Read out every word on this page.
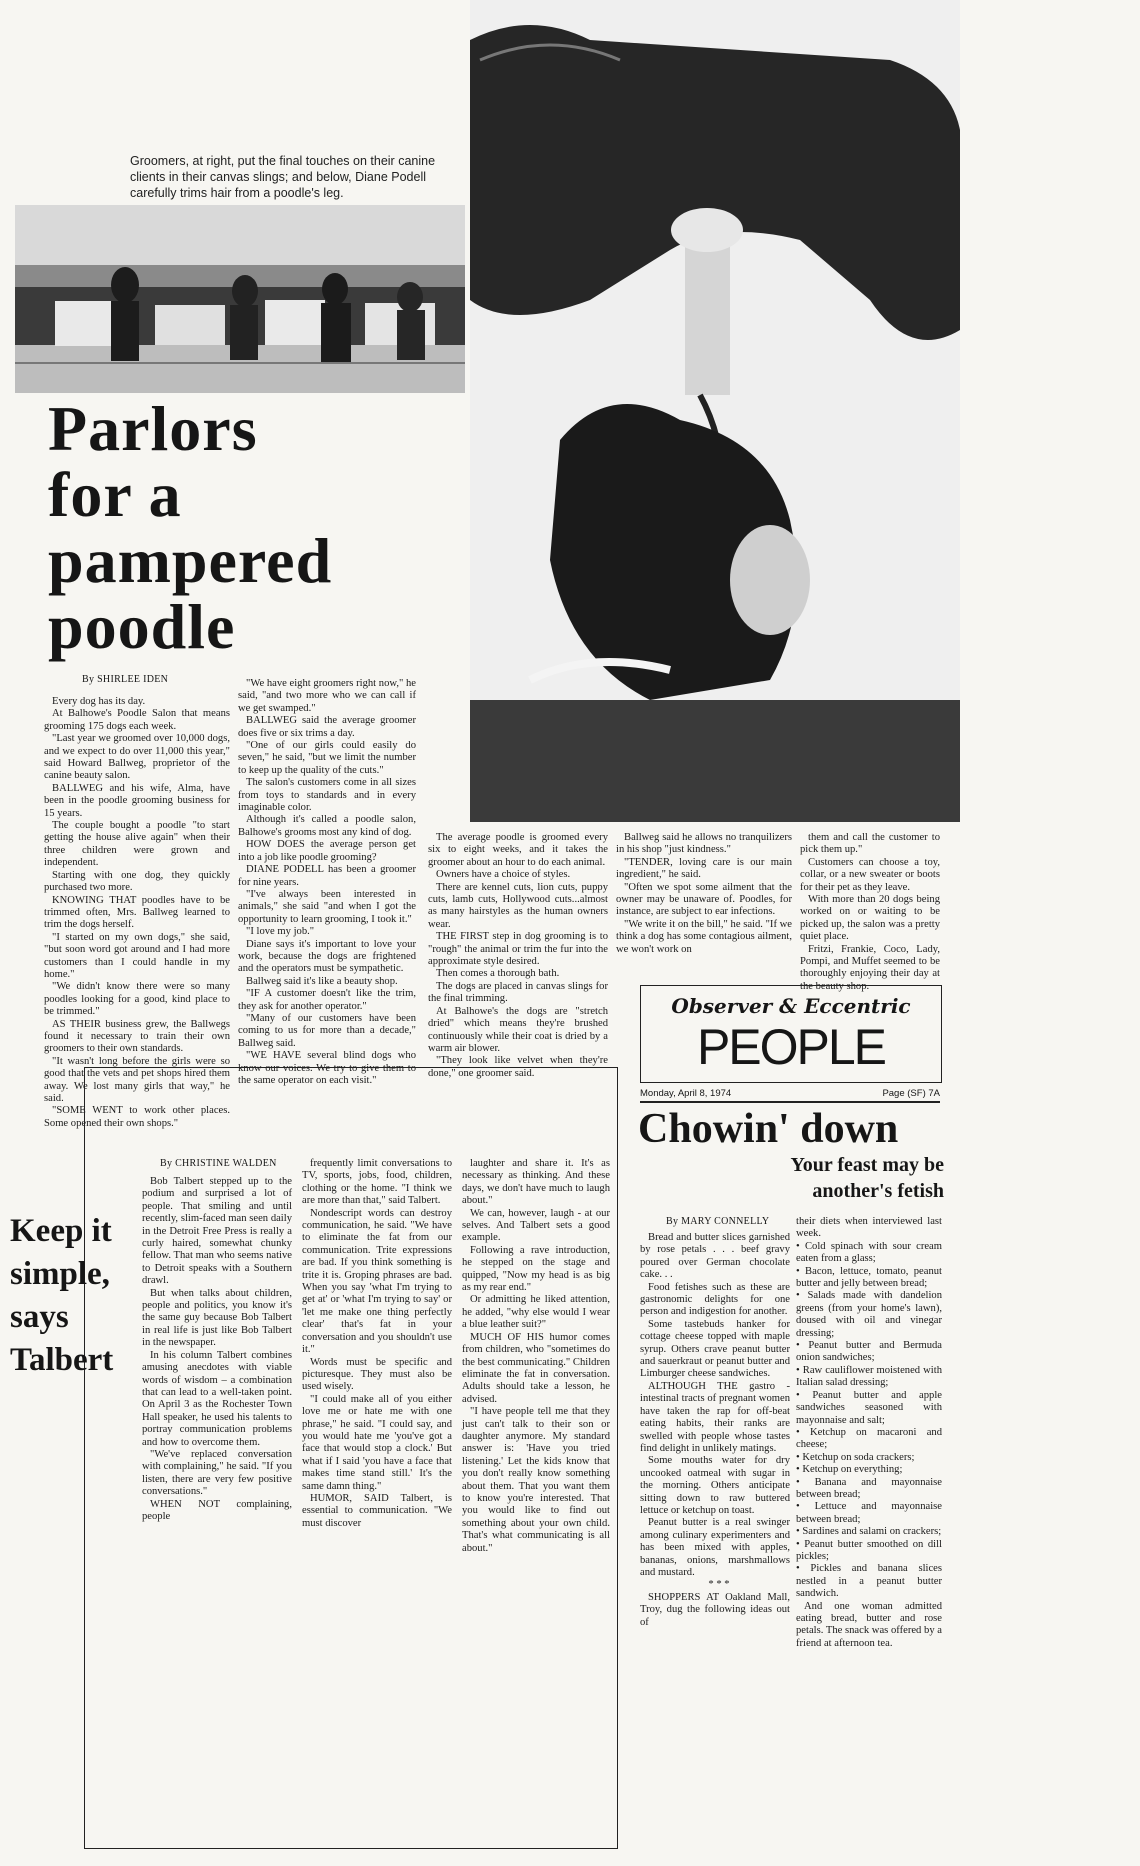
Groomers, at right, put the final touches on their canine clients in their canvas slings; and below, Diane Podell carefully trims hair from a poodle's leg.
Parlors
for a
pampered
poodle
By SHIRLEE IDEN

Every dog has its day.

At Balhowe's Poodle Salon that means grooming 175 dogs each week.

"Last year we groomed over 10,000 dogs, and we expect to do over 11,000 this year," said Howard Ballweg, proprietor of the canine beauty salon.

BALLWEG and his wife, Alma, have been in the poodle grooming business for 15 years.

The couple bought a poodle "to start getting the house alive again" when their three children were grown and independent.

Starting with one dog, they quickly purchased two more.

KNOWING THAT poodles have to be trimmed often, Mrs. Ballweg learned to trim the dogs herself.

"I started on my own dogs," she said, "but soon word got around and I had more customers than I could handle in my home."

"We didn't know there were so many poodles looking for a good, kind place to be trimmed."

AS THEIR business grew, the Ballwegs found it necessary to train their own groomers to their own standards.

"It wasn't long before the girls were so good that the vets and pet shops hired them away. We lost many girls that way," he said.

"SOME WENT to work other places. Some opened their own shops."

"We have eight groomers right now," he said, "and two more who we can call if we get swamped."

BALLWEG said the average groomer does five or six trims a day.

"One of our girls could easily do seven," he said, "but we limit the number to keep up the quality of the cuts."

The salon's customers come in all sizes from toys to standards and in every imaginable color.

Although it's called a poodle salon, Balhowe's grooms most any kind of dog.

HOW DOES the average person get into a job like poodle grooming?

DIANE PODELL has been a groomer for nine years.

"I've always been interested in animals," she said "and when I got the opportunity to learn grooming, I took it."

"I love my job."

Diane says it's important to love your work, because the dogs are frightened and the operators must be sympathetic.

Ballweg said it's like a beauty shop.

"IF A customer doesn't like the trim, they ask for another operator."

"Many of our customers have been coming to us for more than a decade," Ballweg said.

"WE HAVE several blind dogs who know our voices. We try to give them to the same operator on each visit."

The average poodle is groomed every six to eight weeks, and it takes the groomer about an hour to do each animal.

Owners have a choice of styles.

There are kennel cuts, lion cuts, puppy cuts, lamb cuts, Hollywood cuts...almost as many hairstyles as the human owners wear.

THE FIRST step in dog grooming is to "rough" the animal or trim the fur into the approximate style desired.

Then comes a thorough bath.

The dogs are placed in canvas slings for the final trimming.

At Balhowe's the dogs are "stretch dried" which means they're brushed continuously while their coat is dried by a warm air blower.

"They look like velvet when they're done," one groomer said.

Ballweg said he allows no tranquilizers in his shop "just kindness."

"TENDER, loving care is our main ingredient," he said.

"Often we spot some ailment that the owner may be unaware of. Poodles, for instance, are subject to ear infections.

"We write it on the bill," he said. "If we think a dog has some contagious ailment, we won't work on

them and call the customer to pick them up."

Customers can choose a toy, collar, or a new sweater or boots for their pet as they leave.

With more than 20 dogs being worked on or waiting to be picked up, the salon was a pretty quiet place.

Fritzi, Frankie, Coco, Lady, Pompi, and Muffet seemed to be thoroughly enjoying their day at the beauty shop.

Observer & Eccentric
PEOPLE
Monday, April 8, 1974	Page (SF) 7A
Keep it
simple,
says
Talbert
By CHRISTINE WALDEN

Bob Talbert stepped up to the podium and surprised a lot of people. That smiling and until recently, slim-faced man seen daily in the Detroit Free Press is really a curly haired, somewhat chunky fellow. That man who seems native to Detroit speaks with a Southern drawl.

But when talks about children, people and politics, you know it's the same guy because Bob Talbert in real life is just like Bob Talbert in the newspaper.

In his column Talbert combines amusing anecdotes with viable words of wisdom – a combination that can lead to a well-taken point. On April 3 as the Rochester Town Hall speaker, he used his talents to portray communication problems and how to overcome them.

"We've replaced conversation with complaining," he said. "If you listen, there are very few positive conversations."

WHEN NOT complaining, people

frequently limit conversations to TV, sports, jobs, food, children, clothing or the home. "I think we are more than that," said Talbert.

Nondescript words can destroy communication, he said. "We have to eliminate the fat from our communication. Trite expressions are bad. If you think something is trite it is. Groping phrases are bad. When you say 'what I'm trying to get at' or 'what I'm trying to say' or 'let me make one thing perfectly clear' that's fat in your conversation and you shouldn't use it."

Words must be specific and picturesque. They must also be used wisely.

"I could make all of you either love me or hate me with one phrase," he said. "I could say, and you would hate me 'you've got a face that would stop a clock.' But what if I said 'you have a face that makes time stand still.' It's the same damn thing."

HUMOR, SAID Talbert, is essential to communication. "We must discover

laughter and share it. It's as necessary as thinking. And these days, we don't have much to laugh about."

We can, however, laugh - at our selves. And Talbert sets a good example.

Following a rave introduction, he stepped on the stage and quipped, "Now my head is as big as my rear end."

Or admitting he liked attention, he added, "why else would I wear a blue leather suit?"

MUCH OF HIS humor comes from children, who "sometimes do the best communicating." Children eliminate the fat in conversation. Adults should take a lesson, he advised.

"I have people tell me that they just can't talk to their son or daughter anymore. My standard answer is: 'Have you tried listening.' Let the kids know that you don't really know something about them. That you want them to know you're interested. That you would like to find out something about your own child. That's what communicating is all about."

Chowin' down
Your feast may be
another's fetish
By MARY CONNELLY

Bread and butter slices garnished by rose petals . . . beef gravy poured over German chocolate cake. . .

Food fetishes such as these are gastronomic delights for one person and indigestion for another.

Some tastebuds hanker for cottage cheese topped with maple syrup. Others crave peanut butter and sauerkraut or peanut butter and Limburger cheese sandwiches.

ALTHOUGH THE gastro - intestinal tracts of pregnant women have taken the rap for off-beat eating habits, their ranks are swelled with people whose tastes find delight in unlikely matings.

Some mouths water for dry uncooked oatmeal with sugar in the morning. Others anticipate sitting down to raw buttered lettuce or ketchup on toast.

Peanut butter is a real swinger among culinary experimenters and has been mixed with apples, bananas, onions, marshmallows and mustard.

* * *

SHOPPERS AT Oakland Mall, Troy, dug the following ideas out of

their diets when interviewed last week.

• Cold spinach with sour cream eaten from a glass;
• Bacon, lettuce, tomato, peanut butter and jelly between bread;
• Salads made with dandelion greens (from your home's lawn), doused with oil and vinegar dressing;
• Peanut butter and Bermuda onion sandwiches;
• Raw cauliflower moistened with Italian salad dressing;
• Peanut butter and apple sandwiches seasoned with mayonnaise and salt;
• Ketchup on macaroni and cheese;
• Ketchup on soda crackers;
• Ketchup on everything;
• Banana and mayonnaise between bread;
• Lettuce and mayonnaise between bread;
• Sardines and salami on crackers;
• Peanut butter smoothed on dill pickles;
• Pickles and banana slices nestled in a peanut butter sandwich.

And one woman admitted eating bread, butter and rose petals. The snack was offered by a friend at afternoon tea.
